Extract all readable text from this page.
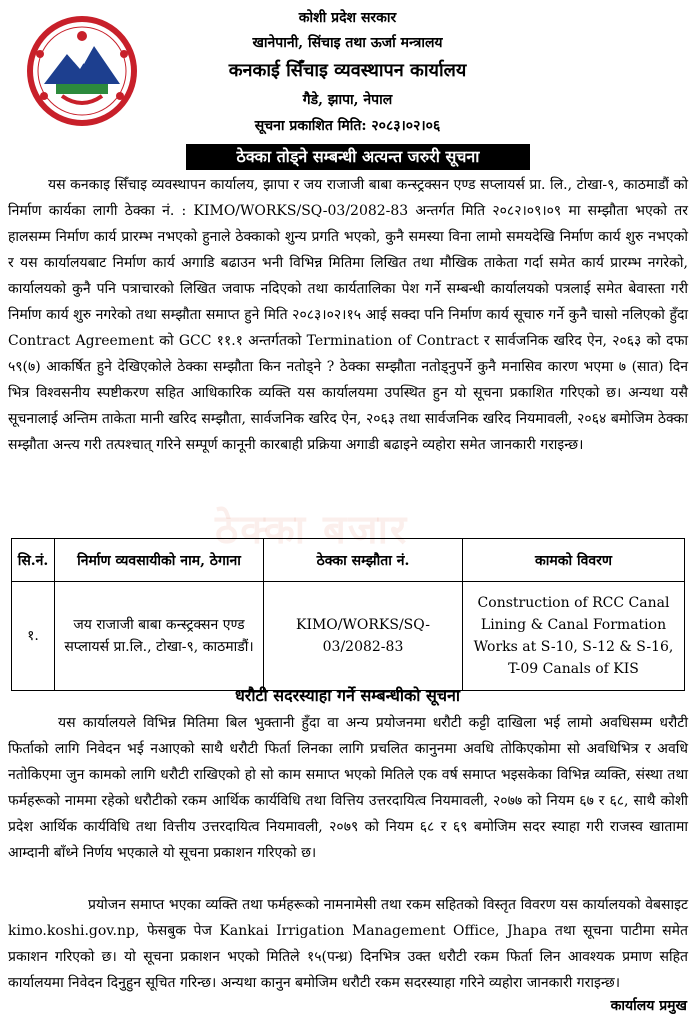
कोशी प्रदेश सरकार
खानेपानी, सिंचाइ तथा ऊर्जा मन्त्रालय
कनकाई सिँचाइ व्यवस्थापन कार्यालय
गैडे, झापा, नेपाल
सूचना प्रकाशित मिति: २०८३।०२।०६
ठेक्का तोड्ने सम्बन्धी अत्यन्त जरुरी सूचना
यस कनकाइ सिँचाइ व्यवस्थापन कार्यालय, झापा र जय राजाजी बाबा कन्स्ट्रक्सन एण्ड सप्लायर्स प्रा. लि., टोखा-९, काठमाडौं को निर्माण कार्यका लागी ठेक्का नं. : KIMO/WORKS/SQ-03/2082-83 अन्तर्गत मिति २०८२।०९।०९ मा सम्झौता भएको तर हालसम्म निर्माण कार्य प्रारम्भ नभएको हुनाले ठेक्काको शुन्य प्रगति भएको, कुनै समस्या विना लामो समयदेखि निर्माण कार्य शुरु नभएको र यस कार्यालयबाट निर्माण कार्य अगाडि बढाउन भनी विभिन्न मितिमा लिखित तथा मौखिक ताकेता गर्दा समेत कार्य प्रारम्भ नगरेको, कार्यालयको कुनै पनि पत्राचारको लिखित जवाफ नदिएको तथा कार्यतालिका पेश गर्ने सम्बन्धी कार्यालयको पत्रलाई समेत बेवास्ता गरी निर्माण कार्य शुरु नगरेको तथा सम्झौता समाप्त हुने मिति २०८३।०२।१५ आई सक्दा पनि निर्माण कार्य सूचारु गर्ने कुनै चासो नलिएको हुँदा Contract Agreement को GCC ११.१ अन्तर्गतको Termination of Contract र सार्वजनिक खरिद ऐन, २०६३ को दफा ५९(७) आकर्षित हुने देखिएकोले ठेक्का सम्झौता किन नतोड्ने ? ठेक्का सम्झौता नतोड्नुपर्ने कुनै मनासिव कारण भएमा ७ (सात) दिन भित्र विश्वसनीय स्पष्टीकरण सहित आधिकारिक व्यक्ति यस कार्यालयमा उपस्थित हुन यो सूचना प्रकाशित गरिएको छ। अन्यथा यसै सूचनालाई अन्तिम ताकेता मानी खरिद सम्झौता, सार्वजनिक खरिद ऐन, २०६३ तथा सार्वजनिक खरिद नियमावली, २०६४ बमोजिम ठेक्का सम्झौता अन्त्य गरी तत्पश्चात् गरिने सम्पूर्ण कानूनी कारबाही प्रक्रिया अगाडी बढाइने व्यहोरा समेत जानकारी गराइन्छ।
ठेक्का बजार
सि.नं.	निर्माण व्यवसायीको नाम, ठेगाना	ठेक्का सम्झौता नं.	कामको विवरण
१.	जय राजाजी बाबा कन्स्ट्रक्सन एण्ड सप्लायर्स प्रा.लि., टोखा-९, काठमाडौं।	KIMO/WORKS/SQ-03/2082-83	Construction of RCC Canal Lining & Canal Formation Works at S-10, S-12 & S-16, T-09 Canals of KIS
धरौटी सदरस्याहा गर्ने सम्बन्धीको सूचना
यस कार्यालयले विभिन्न मितिमा बिल भुक्तानी हुँदा वा अन्य प्रयोजनमा धरौटी कट्टी दाखिला भई लामो अवधिसम्म धरौटी फिर्ताको लागि निवेदन भई नआएको साथै धरौटी फिर्ता लिनका लागि प्रचलित कानुनमा अवधि तोकिएकोमा सो अवधिभित्र र अवधि नतोकिएमा जुन कामको लागि धरौटी राखिएको हो सो काम समाप्त भएको मितिले एक वर्ष समाप्त भइसकेका विभिन्न व्यक्ति, संस्था तथा फर्महरूको नाममा रहेको धरौटीको रकम आर्थिक कार्यविधि तथा वित्तिय उत्तरदायित्व नियमावली, २०७७ को नियम ६७ र ६८, साथै कोशी प्रदेश आर्थिक कार्यविधि तथा वित्तीय उत्तरदायित्व नियमावली, २०७९ को नियम ६८ र ६९ बमोजिम सदर स्याहा गरी राजस्व खातामा आम्दानी बाँध्ने निर्णय भएकाले यो सूचना प्रकाशन गरिएको छ।
प्रयोजन समाप्त भएका व्यक्ति तथा फर्महरूको नामनामेसी तथा रकम सहितको विस्तृत विवरण यस कार्यालयको वेबसाइट kimo.koshi.gov.np, फेसबुक पेज Kankai Irrigation Management Office, Jhapa तथा सूचना पाटीमा समेत प्रकाशन गरिएको छ। यो सूचना प्रकाशन भएको मितिले १५(पन्ध्र) दिनभित्र उक्त धरौटी रकम फिर्ता लिन आवश्यक प्रमाण सहित कार्यालयमा निवेदन दिनुहुन सूचित गरिन्छ। अन्यथा कानुन बमोजिम धरौटी रकम सदरस्याहा गरिने व्यहोरा जानकारी गराइन्छ।
कार्यालय प्रमुख
